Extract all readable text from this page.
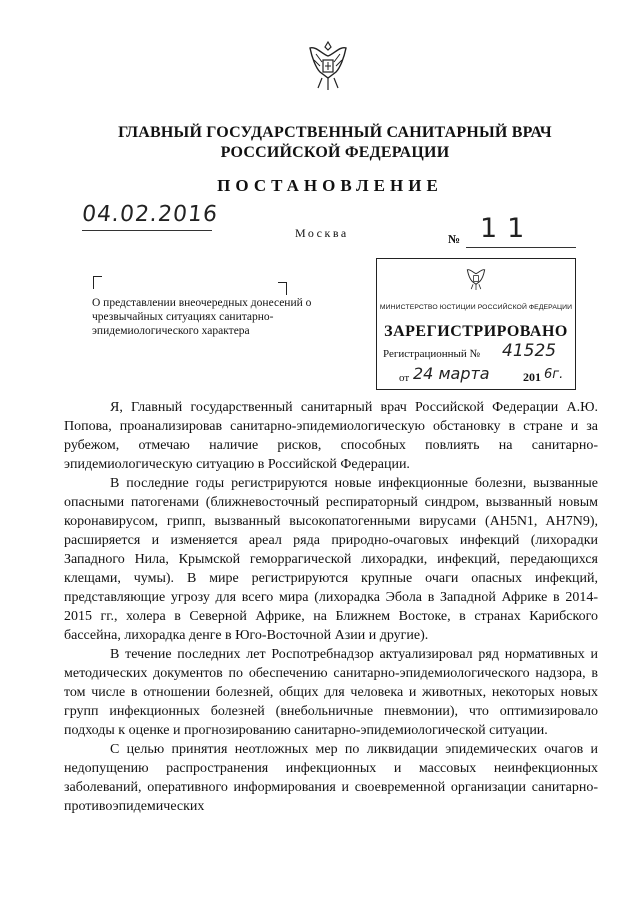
ГЛАВНЫЙ ГОСУДАРСТВЕННЫЙ САНИТАРНЫЙ ВРАЧ
РОССИЙСКОЙ ФЕДЕРАЦИИ
ПОСТАНОВЛЕНИЕ
04.02.2016
Москва	№ 11
О представлении внеочередных донесений о чрезвычайных ситуациях санитарно-эпидемиологического характера
МИНИСТЕРСТВО ЮСТИЦИИ РОССИЙСКОЙ ФЕДЕРАЦИИ
ЗАРЕГИСТРИРОВАНО
Регистрационный № 41525
от 24 марта	201 6г.

Я, Главный государственный санитарный врач Российской Федерации А.Ю. Попова, проанализировав санитарно-эпидемиологическую обстановку в стране и за рубежом, отмечаю наличие рисков, способных повлиять на санитарно-эпидемиологическую ситуацию в Российской Федерации.

В последние годы регистрируются новые инфекционные болезни, вызванные опасными патогенами (ближневосточный респираторный синдром, вызванный новым коронавирусом, грипп, вызванный высокопатогенными вирусами (AH5N1, AH7N9), расширяется и изменяется ареал ряда природно-очаговых инфекций (лихорадки Западного Нила, Крымской геморрагической лихорадки, инфекций, передающихся клещами, чумы). В мире регистрируются крупные очаги опасных инфекций, представляющие угрозу для всего мира (лихорадка Эбола в Западной Африке в 2014-2015 гг., холера в Северной Африке, на Ближнем Востоке, в странах Карибского бассейна, лихорадка денге в Юго-Восточной Азии и другие).

В течение последних лет Роспотребнадзор актуализировал ряд нормативных и методических документов по обеспечению санитарно-эпидемиологического надзора, в том числе в отношении болезней, общих для человека и животных, некоторых новых групп инфекционных болезней (внебольничные пневмонии), что оптимизировало подходы к оценке и прогнозированию санитарно-эпидемиологической ситуации.

С целью принятия неотложных мер по ликвидации эпидемических очагов и недопущению распространения инфекционных и массовых неинфекционных заболеваний, оперативного информирования и своевременной организации санитарно-противоэпидемических
